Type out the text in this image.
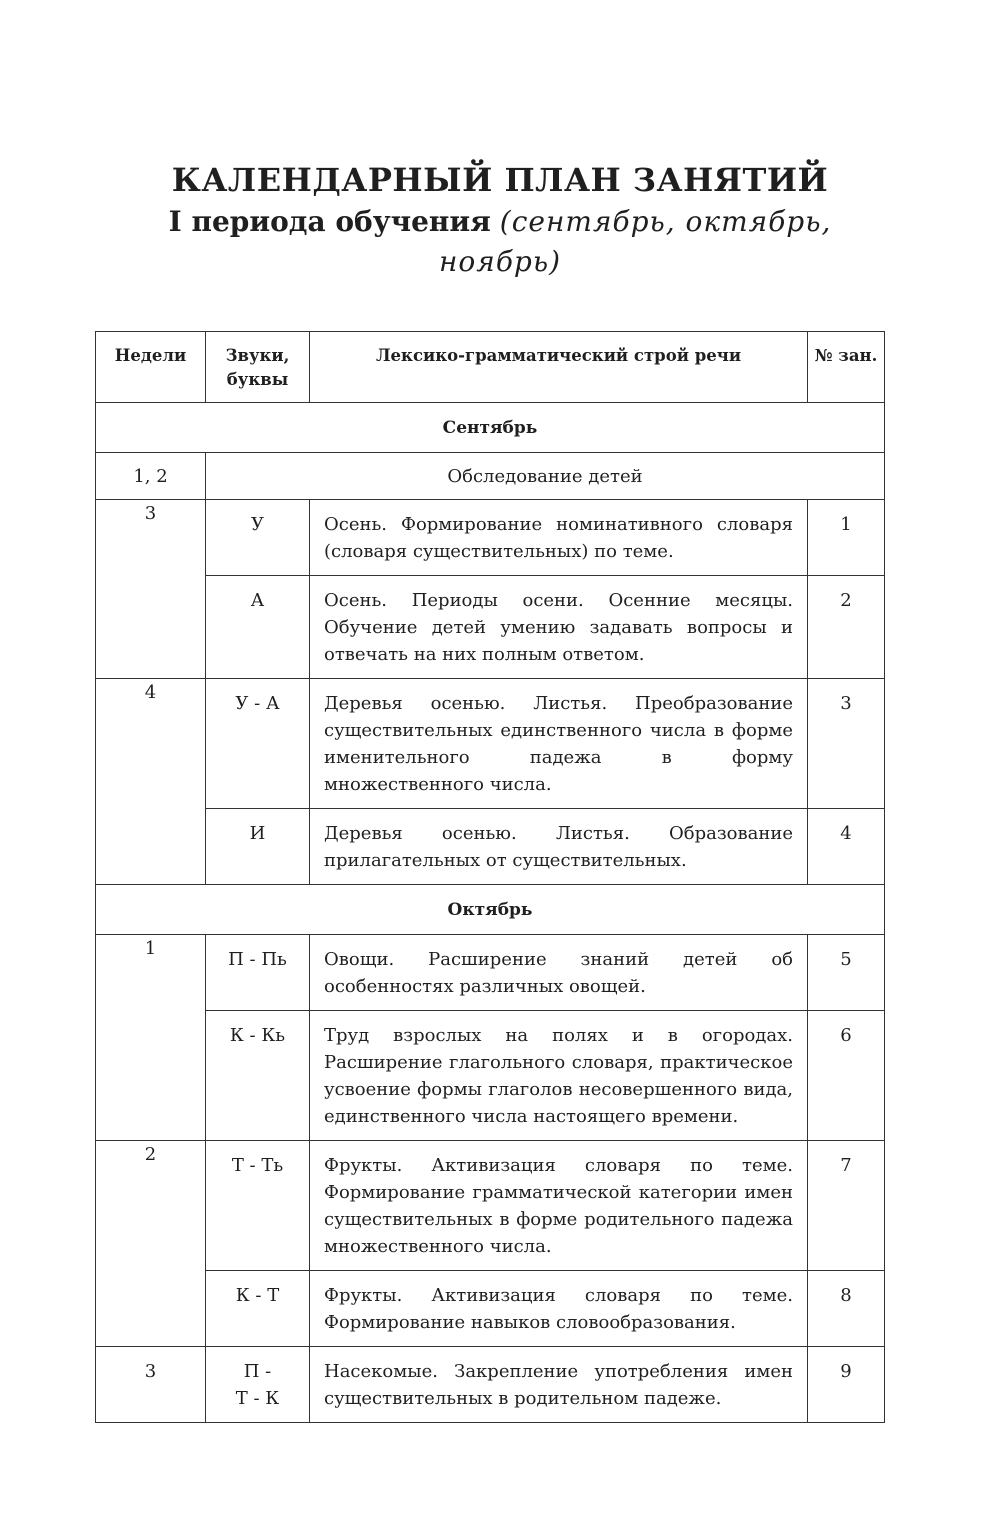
КАЛЕНДАРНЫЙ ПЛАН ЗАНЯТИЙ
I периода обучения (сентябрь, октябрь,
ноябрь)
Недели	Звуки, буквы	Лексико-грамматический строй речи	№ зан.
Сентябрь			
1, 2	Обследование детей		
3	У	Осень. Формирование номинативного словаря (словаря существительных) по теме.	1
	А	Осень. Периоды осени. Осенние месяцы. Обучение детей умению задавать вопросы и отвечать на них полным ответом.	2
4	У - А	Деревья осенью. Листья. Преобразование существительных единственного числа в форме именительного падежа в форму множественного числа.	3
	И	Деревья осенью. Листья. Образование прилагательных от существительных.	4
Октябрь			
1	П - Пь	Овощи. Расширение знаний детей об особенностях различных овощей.	5
	К - Кь	Труд взрослых на полях и в огородах. Расширение глагольного словаря, практическое усвоение формы глаголов несовершенного вида, единственного числа настоящего времени.	6
2	Т - Ть	Фрукты. Активизация словаря по теме. Формирование грамматической категории имен существительных в форме родительного падежа множественного числа.	7
	К - Т	Фрукты. Активизация словаря по теме. Формирование навыков словообразования.	8
3	П -
Т - К	Насекомые. Закрепление употребления имен существительных в родительном падеже.	9
